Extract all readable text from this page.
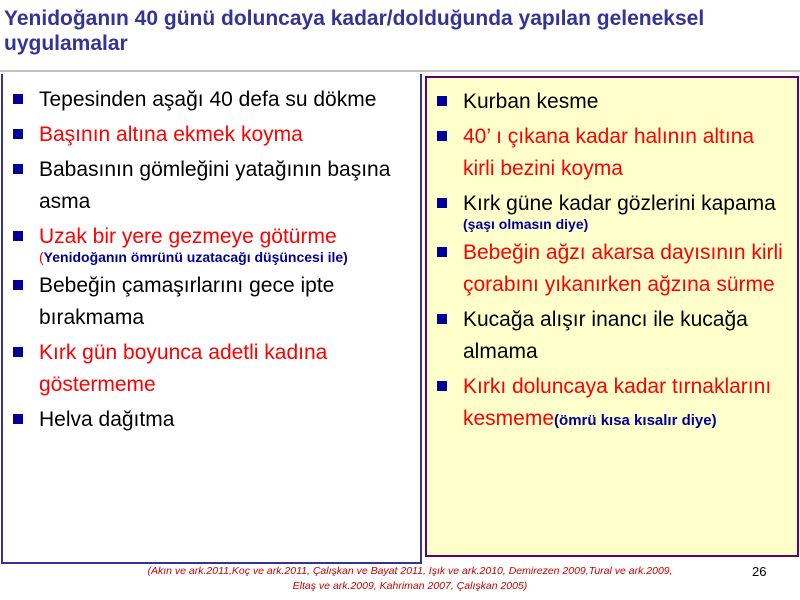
Yenidoğanın 40 günü doluncaya kadar/dolduğunda yapılan geleneksel uygulamalar
Tepesinden aşağı 40 defa su dökme
Başının altına ekmek koyma
Babasının gömleğini yatağının başına asma
Uzak bir yere gezmeye götürme
(Yenidoğanın ömrünü uzatacağı düşüncesi ile)
Bebeğin çamaşırlarını gece ipte bırakmama
Kırk gün boyunca adetli kadına göstermeme
Helva dağıtma
Kurban kesme
40’ ı çıkana kadar halının altına kirli bezini koyma
Kırk güne kadar gözlerini kapama
(şaşı olmasın diye)
Bebeğin ağzı akarsa dayısının kirli çorabını yıkanırken ağzına sürme
Kucağa alışır inancı ile kucağa almama
Kırkı doluncaya kadar tırnaklarını kesmeme(ömrü kısa kısalır diye)
(Akın ve ark.2011,Koç ve ark.2011, Çalışkan ve Bayat 2011, Işık ve ark.2010, Demirezen 2009,Tural ve ark.2009,
Eltaş ve ark.2009, Kahriman 2007, Çalışkan 2005)
26
